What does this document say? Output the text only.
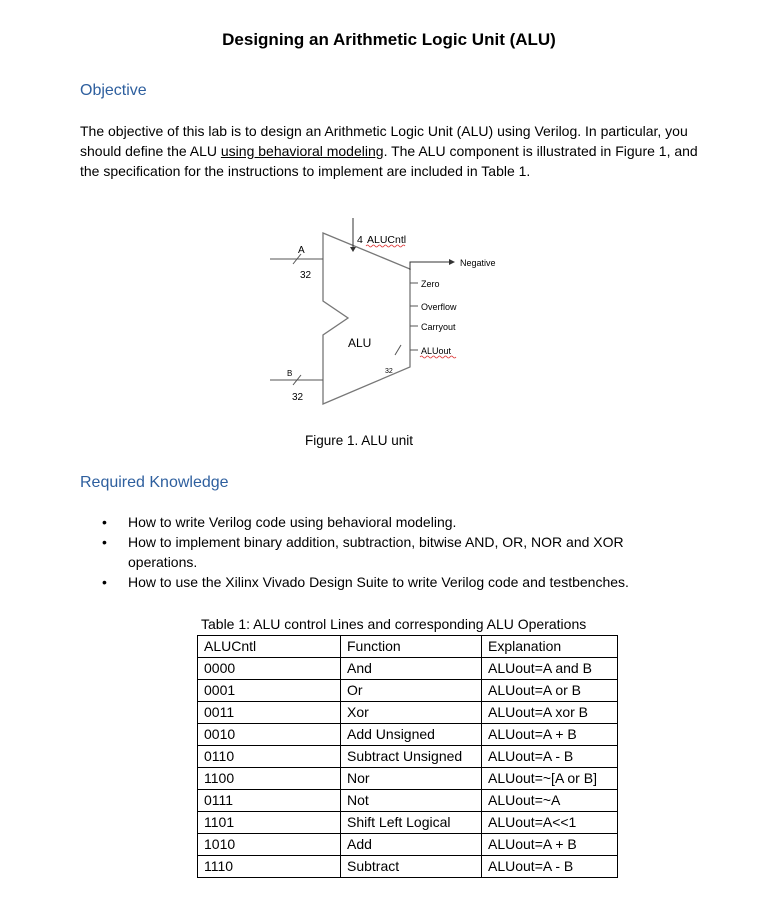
Designing an Arithmetic Logic Unit (ALU)
Objective
The objective of this lab is to design an Arithmetic Logic Unit (ALU) using Verilog. In particular, you should define the ALU using behavioral modeling. The ALU component is illustrated in Figure 1, and the specification for the instructions to implement are included in Table 1.
4 ALUCntl
A
32
B
32
ALU
Negative
Zero
Overflow
Carryout
ALUout
32
Figure 1. ALU unit
Required Knowledge
• How to write Verilog code using behavioral modeling.
• How to implement binary addition, subtraction, bitwise AND, OR, NOR and XOR operations.
• How to use the Xilinx Vivado Design Suite to write Verilog code and testbenches.
Table 1: ALU control Lines and corresponding ALU Operations
ALUCntl	Function	Explanation
0000	And	ALUout=A and B
0001	Or	ALUout=A or B
0011	Xor	ALUout=A xor B
0010	Add Unsigned	ALUout=A + B
0110	Subtract Unsigned	ALUout=A - B
1100	Nor	ALUout=~[A or B]
0111	Not	ALUout=~A
1101	Shift Left Logical	ALUout=A<<1
1010	Add	ALUout=A + B
1110	Subtract	ALUout=A - B
